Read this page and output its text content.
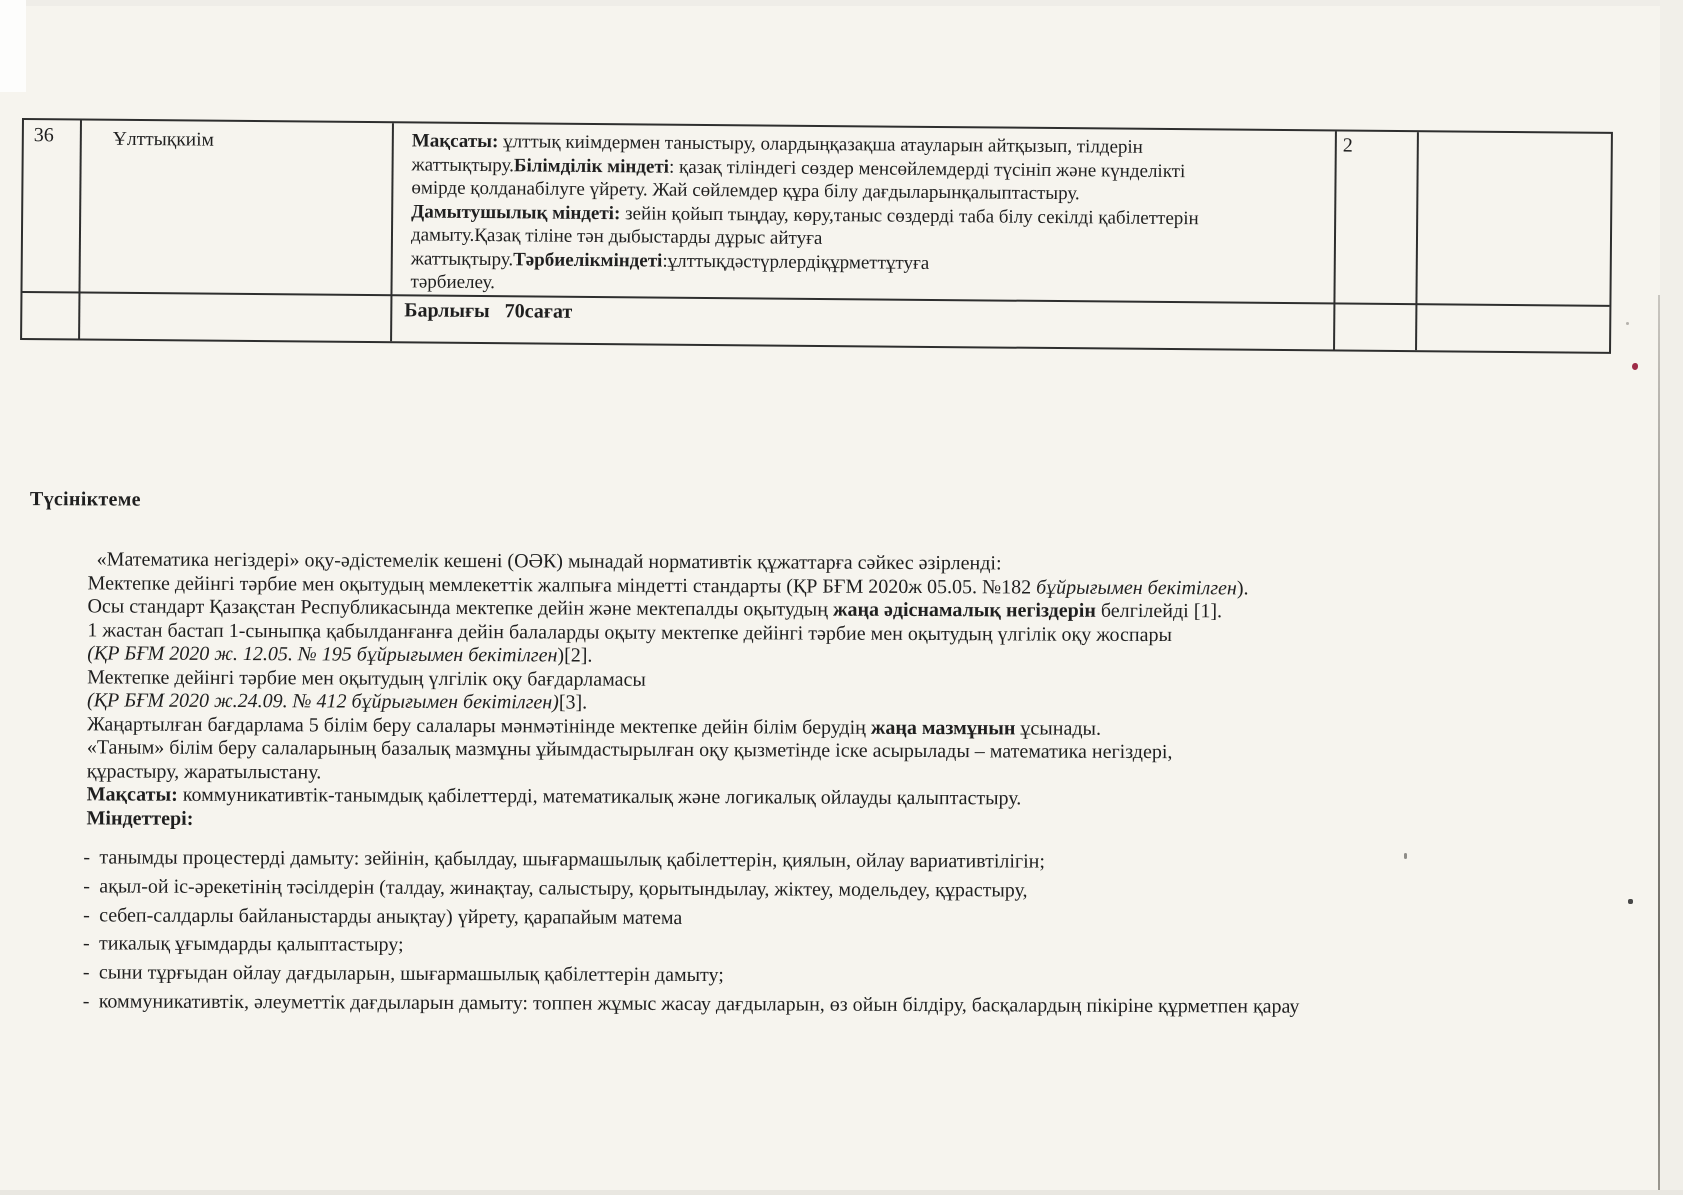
36	Ұлттықкиім	Мақсаты: ұлттық киімдермен таныстыру, олардыңқазақша атауларын айтқызып, тілдерін
жаттықтыру.Білімділік міндеті: қазақ тіліндегі сөздер менсөйлемдерді түсініп және күнделікті
өмірде қолданабілуге үйрету. Жай сөйлемдер құра білу дағдыларынқалыптастыру.
Дамытушылық міндеті: зейін қойып тыңдау, көру,таныс сөздерді таба білу секілді қабілеттерін
дамыту.Қазақ тіліне тән дыбыстарды дұрыс айтуға
жаттықтыру.Тәрбиелікміндеті:ұлттықдәстүрлердіқұрметтұтуға
тәрбиелеу.
2
Барлығы   70сағат
Түсініктеме
«Математика негіздері» оқу-әдістемелік кешені (ОӘК) мынадай нормативтік құжаттарға сәйкес әзірленді:
Мектепке дейінгі тәрбие мен оқытудың мемлекеттік жалпыға міндетті стандарты (ҚР БҒМ 2020ж 05.05. №182 бұйрығымен бекітілген).
Осы стандарт Қазақстан Республикасында мектепке дейін және мектепалды оқытудың жаңа әдіснамалық негіздерін белгілейді [1].
1 жастан бастап 1-сыныпқа қабылданғанға дейін балаларды оқыту мектепке дейінгі тәрбие мен оқытудың үлгілік оқу жоспары
(ҚР БҒМ 2020 ж. 12.05. № 195 бұйрығымен бекітілген)[2].
Мектепке дейінгі тәрбие мен оқытудың үлгілік оқу бағдарламасы
(ҚР БҒМ 2020 ж.24.09. № 412 бұйрығымен бекітілген)[3].
Жаңартылған бағдарлама 5 білім беру салалары мәнмәтінінде мектепке дейін білім берудің жаңа мазмұнын ұсынады.
«Таным» білім беру салаларының базалық мазмұны ұйымдастырылған оқу қызметінде іске асырылады – математика негіздері,
құрастыру, жаратылыстану.
Мақсаты: коммуникативтік-танымдық қабілеттерді, математикалық және логикалық ойлауды қалыптастыру.
Міндеттері:
- танымды процестерді дамыту: зейінін, қабылдау, шығармашылық қабілеттерін, қиялын, ойлау вариативтілігін;
- ақыл-ой іс-әрекетінің тәсілдерін (талдау, жинақтау, салыстыру, қорытындылау, жіктеу, модельдеу, құрастыру,
- себеп-салдарлы байланыстарды анықтау) үйрету, қарапайым матема
- тикалық ұғымдарды қалыптастыру;
- сыни тұрғыдан ойлау дағдыларын, шығармашылық қабілеттерін дамыту;
- коммуникативтік, әлеуметтік дағдыларын дамыту: топпен жұмыс жасау дағдыларын, өз ойын білдіру, басқалардың пікіріне құрметпен қарау
